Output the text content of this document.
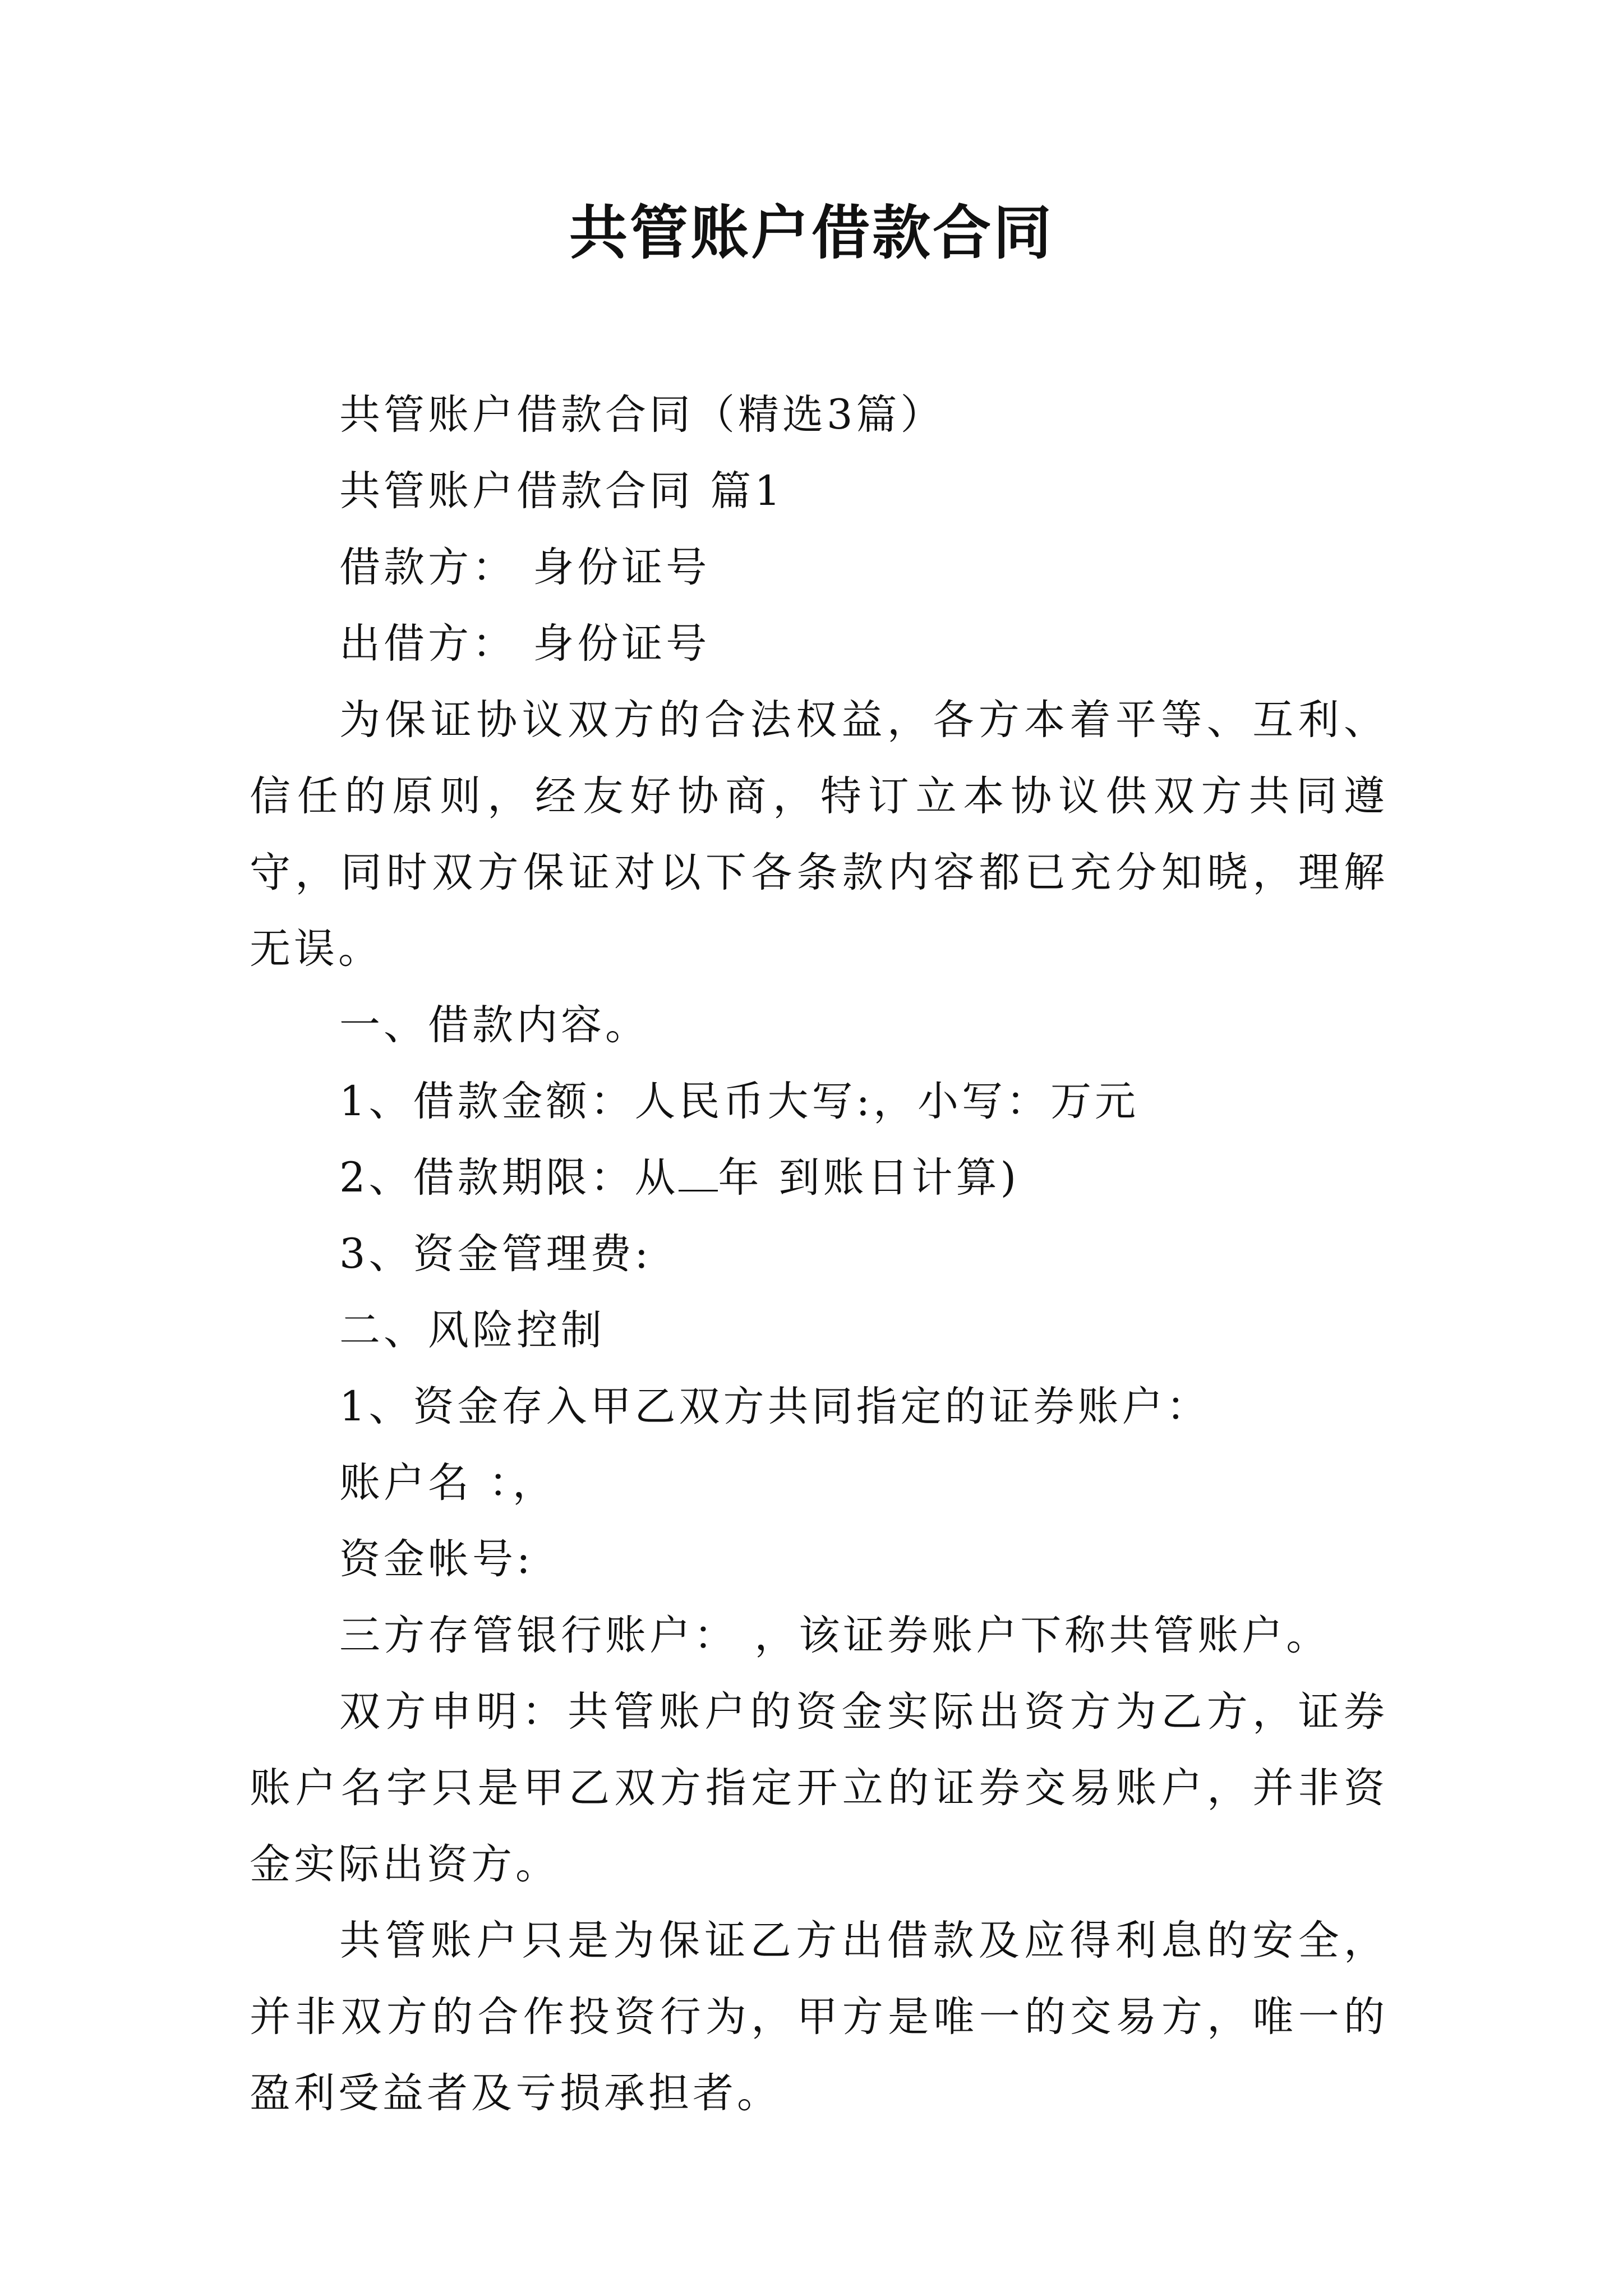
共管账户借款合同

共管账户借款合同（精选3篇）

共管账户借款合同 篇1

借款方： 身份证号

出借方： 身份证号

为保证协议双方的合法权益，各方本着平等、互利、信任的原则，经友好协商，特订立本协议供双方共同遵守，同时双方保证对以下各条款内容都已充分知晓，理解无误。

一、借款内容。

1、借款金额：人民币大写:，小写：万元

2、借款期限：从 年 到账日计算)

3、资金管理费:

二、风险控制

1、资金存入甲乙双方共同指定的证券账户：

账户名 ：，

资金帐号:

三方存管银行账户： ，该证券账户下称共管账户。

双方申明：共管账户的资金实际出资方为乙方，证券账户名字只是甲乙双方指定开立的证券交易账户，并非资金实际出资方。

共管账户只是为保证乙方出借款及应得利息的安全，并非双方的合作投资行为，甲方是唯一的交易方，唯一的盈利受益者及亏损承担者。
